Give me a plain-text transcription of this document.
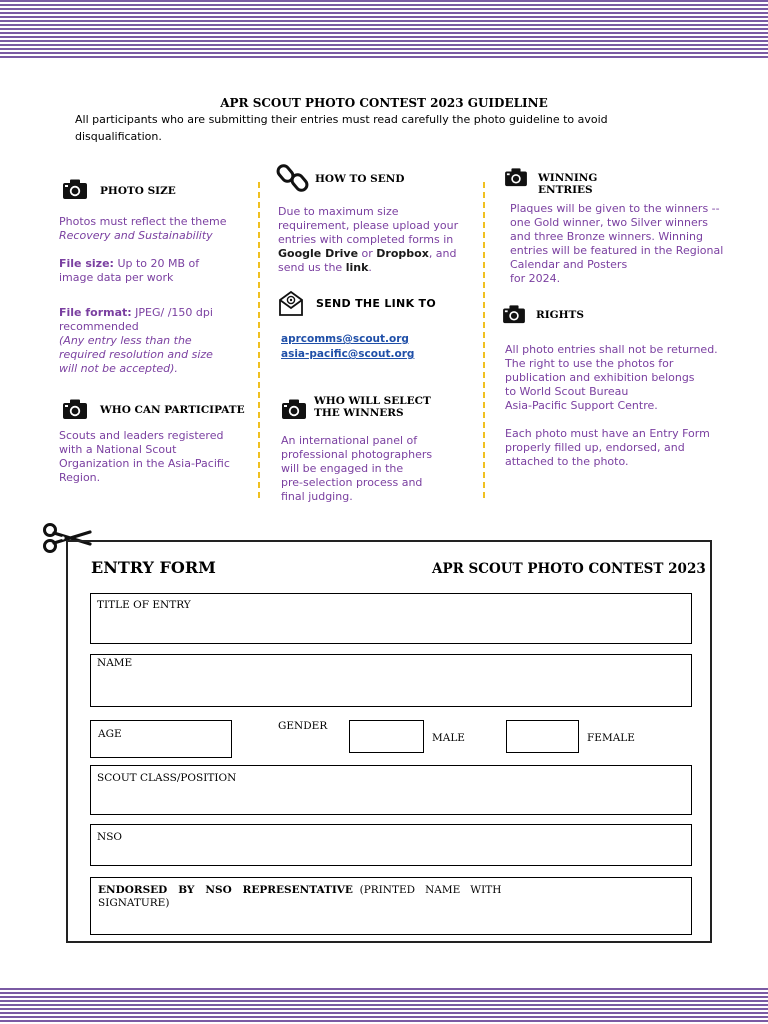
APR SCOUT PHOTO CONTEST 2023 GUIDELINE
All participants who are submitting their entries must read carefully the photo guideline to avoid disqualification.
PHOTO SIZE
Photos must reflect the theme
Recovery and Sustainability
File size: Up to 20 MB of
image data per work
File format: JPEG/ /150 dpi
recommended
(Any entry less than the
required resolution and size
will not be accepted).
WHO CAN PARTICIPATE
Scouts and leaders registered
with a National Scout
Organization in the Asia-Pacific
Region.
HOW TO SEND
Due to maximum size
requirement, please upload your
entries with completed forms in
Google Drive or Dropbox, and
send us the link.
SEND THE LINK TO
aprcomms@scout.org
asia-pacific@scout.org
WHO WILL SELECT
THE WINNERS
An international panel of
professional photographers
will be engaged in the
pre-selection process and
final judging.
WINNING
ENTRIES
Plaques will be given to the winners --
one Gold winner, two Silver winners
and three Bronze winners. Winning
entries will be featured in the Regional
Calendar and Posters
for 2024.
RIGHTS
All photo entries shall not be returned.
The right to use the photos for
publication and exhibition belongs
to World Scout Bureau
Asia-Pacific Support Centre.
Each photo must have an Entry Form
properly filled up, endorsed, and
attached to the photo.
ENTRY FORM	APR SCOUT PHOTO CONTEST 2023
TITLE OF ENTRY
NAME
AGE
GENDER
MALE	FEMALE
SCOUT CLASS/POSITION
NSO
ENDORSED   BY   NSO   REPRESENTATIVE  (PRINTED   NAME   WITH
SIGNATURE)
